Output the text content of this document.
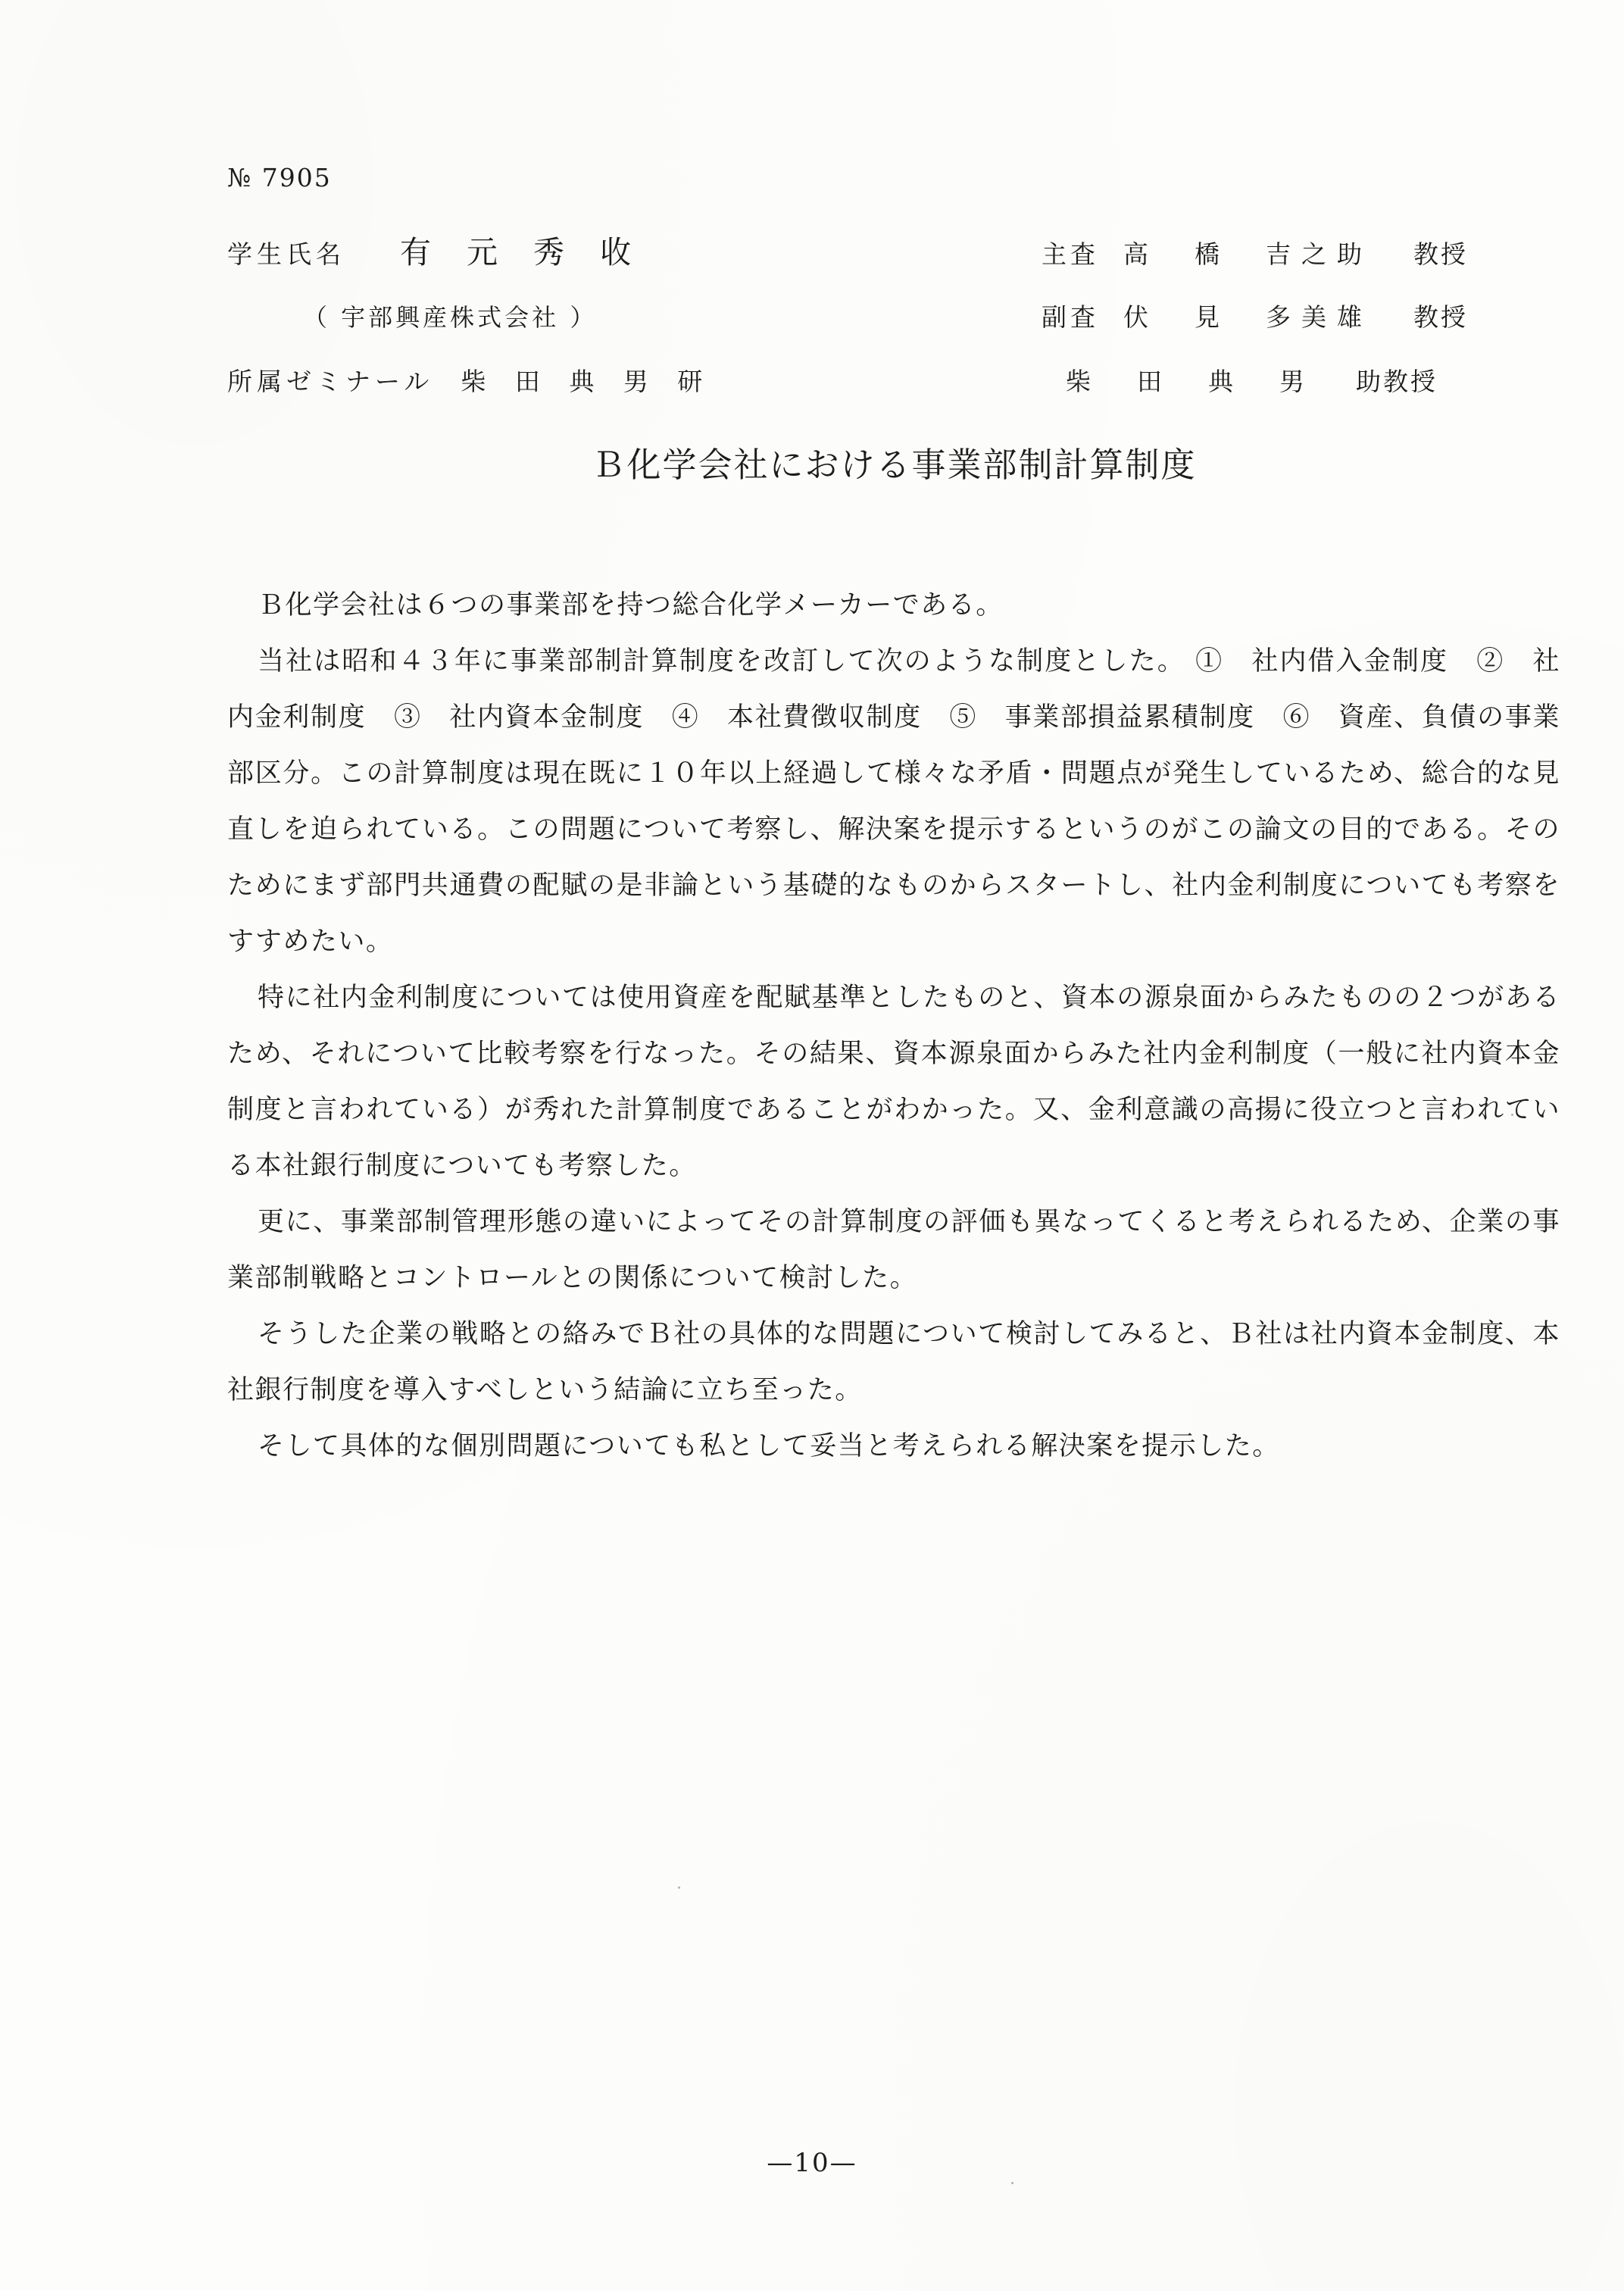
№ 7905
学生氏名 有 元 秀 收	主査 高　橋　吉之助 教授
（ 宇部興産株式会社 ）	副査 伏　見　多美雄 教授
所属ゼミナール 柴 田 典 男 研	柴　田　典　男 助教授
Ｂ化学会社における事業部制計算制度

Ｂ化学会社は６つの事業部を持つ総合化学メーカーである。

当社は昭和４３年に事業部制計算制度を改訂して次のような制度とした。 ①　社内借入金制度　②　社内金利制度　③　社内資本金制度　④　本社費徴収制度　⑤　事業部損益累積制度　⑥　資産、負債の事業部区分。この計算制度は現在既に１０年以上経過して様々な矛盾・問題点が発生しているため、総合的な見直しを迫られている。この問題について考察し、解決案を提示するというのがこの論文の目的である。そのためにまず部門共通費の配賦の是非論という基礎的なものからスタートし、社内金利制度についても考察をすすめたい。

特に社内金利制度については使用資産を配賦基準としたものと、資本の源泉面からみたものの２つがあるため、それについて比較考察を行なった。その結果、資本源泉面からみた社内金利制度（一般に社内資本金制度と言われている）が秀れた計算制度であることがわかった。又、金利意識の高揚に役立つと言われている本社銀行制度についても考察した。

更に、事業部制管理形態の違いによってその計算制度の評価も異なってくると考えられるため、企業の事業部制戦略とコントロールとの関係について検討した。

そうした企業の戦略との絡みでＢ社の具体的な問題について検討してみると、Ｂ社は社内資本金制度、本社銀行制度を導入すべしという結論に立ち至った。

そして具体的な個別問題についても私として妥当と考えられる解決案を提示した。

—10—
